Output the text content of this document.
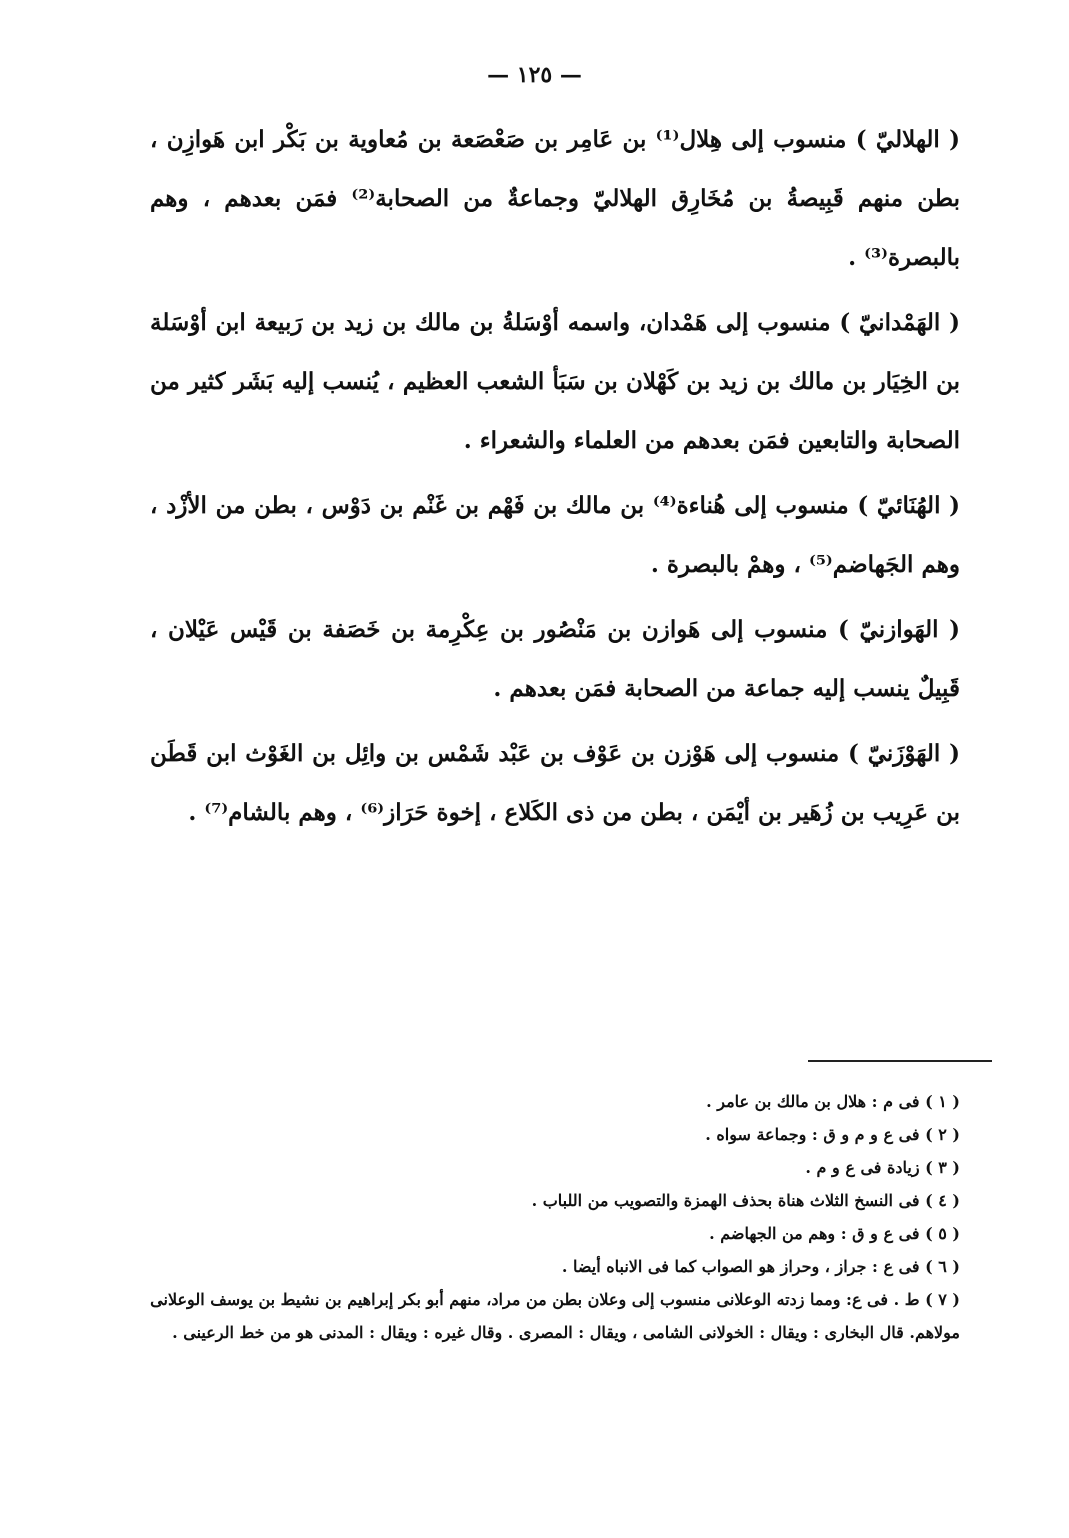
— ١٢٥ —

( الهلاليّ ) منسوب إلى هِلال⁽¹⁾ بن عَامِر بن صَعْصَعة بن مُعاوية بن بَكْر ابن هَوازِن ، بطن منهم قَبِيصةُ بن مُخَارِق الهلاليّ وجماعةٌ من الصحابة⁽²⁾ فمَن بعدهم ، وهم بالبصرة⁽³⁾ .

( الهَمْدانيّ ) منسوب إلى هَمْدان، واسمه أوْسَلةُ بن مالك بن زيد بن رَبيعة ابن أوْسَلة بن الخِيَار بن مالك بن زيد بن كَهْلان بن سَبَأ الشعب العظيم ، يُنسب إليه بَشَر كثير من الصحابة والتابعين فمَن بعدهم من العلماء والشعراء .

( الهُنَائيّ ) منسوب إلى هُناءة⁽⁴⁾ بن مالك بن فَهْم بن غَنْم بن دَوْس ، بطن من الأزْد ، وهم الجَهاضم⁽⁵⁾ ، وهمْ بالبصرة .

( الهَوازنيّ ) منسوب إلى هَوازن بن مَنْصُور بن عِكْرِمة بن خَصَفة بن قَيْس عَيْلان ، قَبِيلٌ ينسب إليه جماعة من الصحابة فمَن بعدهم .

( الهَوْزَنيّ ) منسوب إلى هَوْزن بن عَوْف بن عَبْد شَمْس بن وائِل بن الغَوْث ابن قَطَن بن عَرِيب بن زُهَير بن أيْمَن ، بطن من ذى الكَلاع ، إخوة حَرَاز⁽⁶⁾ ، وهم بالشام⁽⁷⁾ .

( ١ ) فى م : هلال بن مالك بن عامر .

( ٢ ) فى ع و م و ق : وجماعة سواه .

( ٣ ) زيادة فى ع و م .

( ٤ ) فى النسخ الثلاث هناة بحذف الهمزة والتصويب من اللباب .

( ٥ ) فى ع و ق : وهم من الجهاضم .

( ٦ ) فى ع : جراز ، وحراز هو الصواب كما فى الانباه أيضا .

( ٧ ) ط . فى ع: ومما زدته الوعلانى منسوب إلى وعلان بطن من مراد، منهم أبو بكر إبراهيم بن نشيط بن يوسف الوعلانى مولاهم. قال البخارى : ويقال : الخولانى الشامى ، ويقال : المصرى . وقال غيره : ويقال : المدنى هو من خط الرعينى .
